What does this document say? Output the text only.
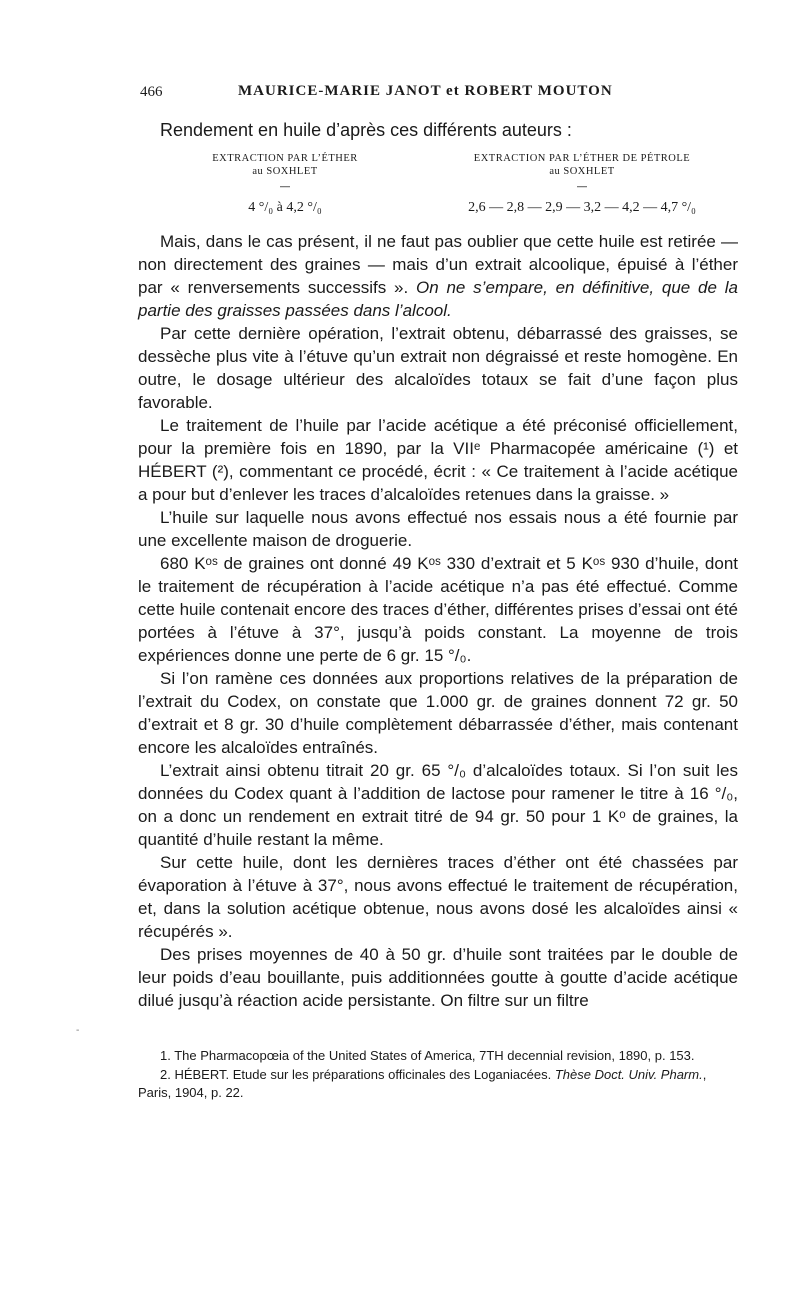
466	MAURICE-MARIE JANOT et ROBERT MOUTON
Rendement en huile d’après ces différents auteurs :
EXTRACTION PAR L’ÉTHER
au SOXHLET
—
4 °/₀ à 4,2 °/₀
EXTRACTION PAR L’ÉTHER DE PÉTROLE
au SOXHLET
—
2,6 — 2,8 — 2,9 — 3,2 — 4,2 — 4,7 °/₀

Mais, dans le cas présent, il ne faut pas oublier que cette huile est retirée — non directement des graines — mais d’un extrait alcoolique, épuisé à l’éther par « renversements successifs ». On ne s’empare, en définitive, que de la partie des graisses passées dans l’alcool.

Par cette dernière opération, l’extrait obtenu, débarrassé des graisses, se dessèche plus vite à l’étuve qu’un extrait non dégraissé et reste homogène. En outre, le dosage ultérieur des alcaloïdes totaux se fait d’une façon plus favorable.

Le traitement de l’huile par l’acide acétique a été préconisé officiellement, pour la première fois en 1890, par la VIIᵉ Pharmacopée américaine (¹) et HÉBERT (²), commentant ce procédé, écrit : « Ce traitement à l’acide acétique a pour but d’enlever les traces d’alcaloïdes retenues dans la graisse. »

L’huile sur laquelle nous avons effectué nos essais nous a été fournie par une excellente maison de droguerie.

680 Kᵒˢ de graines ont donné 49 Kᵒˢ 330 d’extrait et 5 Kᵒˢ 930 d’huile, dont le traitement de récupération à l’acide acétique n’a pas été effectué. Comme cette huile contenait encore des traces d’éther, différentes prises d’essai ont été portées à l’étuve à 37°, jusqu’à poids constant. La moyenne de trois expériences donne une perte de 6 gr. 15 °/₀.

Si l’on ramène ces données aux proportions relatives de la préparation de l’extrait du Codex, on constate que 1.000 gr. de graines donnent 72 gr. 50 d’extrait et 8 gr. 30 d’huile complètement débarrassée d’éther, mais contenant encore les alcaloïdes entraînés.

L’extrait ainsi obtenu titrait 20 gr. 65 °/₀ d’alcaloïdes totaux. Si l’on suit les données du Codex quant à l’addition de lactose pour ramener le titre à 16 °/₀, on a donc un rendement en extrait titré de 94 gr. 50 pour 1 Kᵒ de graines, la quantité d’huile restant la même.

Sur cette huile, dont les dernières traces d’éther ont été chassées par évaporation à l’étuve à 37°, nous avons effectué le traitement de récupération, et, dans la solution acétique obtenue, nous avons dosé les alcaloïdes ainsi « récupérés ».

Des prises moyennes de 40 à 50 gr. d’huile sont traitées par le double de leur poids d’eau bouillante, puis additionnées goutte à goutte d’acide acétique dilué jusqu’à réaction acide persistante. On filtre sur un filtre

-

1. The Pharmacopœia of the United States of America, 7TH decennial revision, 1890, p. 153.

2. HÉBERT. Etude sur les préparations officinales des Loganiacées. Thèse Doct. Univ. Pharm., Paris, 1904, p. 22.
